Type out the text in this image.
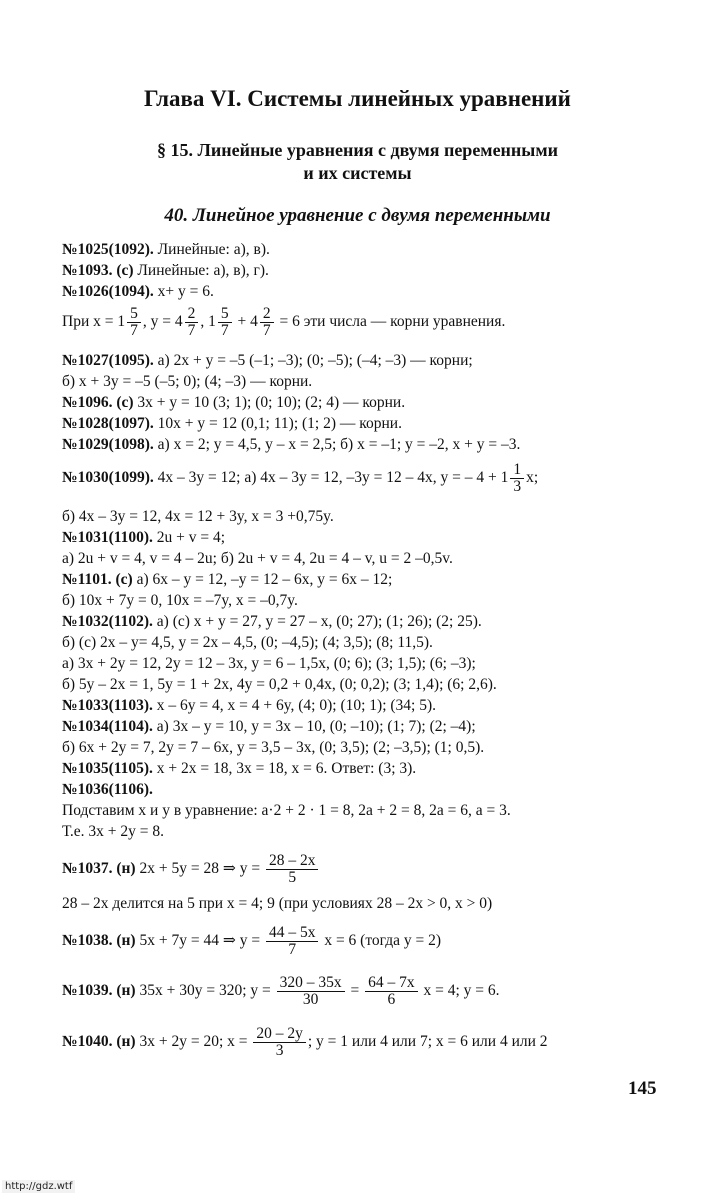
Глава VI. Системы линейных уравнений
§ 15. Линейные уравнения с двумя переменными
и их системы
40. Линейное уравнение с двумя переменными
№1025(1092). Линейные: а), в).
№1093. (с) Линейные: а), в), г).
№1026(1094). x+ y = 6.
При $x = 1 \frac{5}{7}$ , $y = 4 \frac{2}{7}$ , $1 \frac{5}{7} + 4 \frac{2}{7} = 6$ эти числа — корни уравнения.
№1027(1095). а) 2x + y = –5 (–1; –3); (0; –5); (–4; –3) — корни;
б) x + 3y = –5 (–5; 0); (4; –3) — корни.
№1096. (с) 3x + y = 10 (3; 1); (0; 10); (2; 4) — корни.
№1028(1097). 10x + y = 12 (0,1; 11); (1; 2) — корни.
№1029(1098). а) x = 2; y = 4,5, y – x = 2,5; б) x = –1; y = –2, x + y = –3.
№1030(1099). 4x – 3y = 12; а) 4x – 3y = 12, –3y = 12 – 4x, y = – $4 + 1 \frac{1}{3} x$;
б) 4x – 3y = 12, 4x = 12 + 3y, x = 3 +0,75y.
№1031(1100). 2u + v = 4;
а) 2u + v = 4, v = 4 – 2u; б) 2u + v = 4, 2u = 4 – v, u = 2 –0,5v.
№1101. (с) а) 6x – y = 12, –y = 12 – 6x, y = 6x – 12;
б) 10x + 7y = 0, 10x = –7y, x = –0,7y.
№1032(1102). а) (с) x + y = 27, y = 27 – x, (0; 27); (1; 26); (2; 25).
б) (с) 2x – y= 4,5, y = 2x – 4,5, (0; –4,5); (4; 3,5); (8; 11,5).
а) 3x + 2y = 12, 2y = 12 – 3x, y = 6 – 1,5x, (0; 6); (3; 1,5); (6; –3);
б) 5y – 2x = 1, 5y = 1 + 2x, 4y = 0,2 + 0,4x, (0; 0,2); (3; 1,4); (6; 2,6).
№1033(1103). x – 6y = 4, x = 4 + 6y, (4; 0); (10; 1); (34; 5).
№1034(1104). а) 3x – y = 10, y = 3x – 10, (0; –10); (1; 7); (2; –4);
б) 6x + 2y = 7, 2y = 7 – 6x, y = 3,5 – 3x, (0; 3,5); (2; –3,5); (1; 0,5).
№1035(1105). x + 2x = 18, 3x = 18, x = 6. Ответ: (3; 3).
№1036(1106).
Подставим x и y в уравнение: a·2 + 2 · 1 = 8, 2a + 2 = 8, 2a = 6, a = 3.
Т.е. 3x + 2y = 8.
№1037. (н) 2x + 5y = 28 ⇒ $y = \frac{28 - 2x}{5}$
28 – 2x делится на 5 при x = 4; 9 (при условиях 28 – 2x > 0, x > 0)
№1038. (н) 5x + 7y = 44 ⇒ $y = \frac{44 - 5x}{7}$ x = 6 (тогда y = 2)
№1039. (н) 35x + 30y = 320; $y = \frac{320 - 35x}{30} = \frac{64 - 7x}{6}$ x = 4; y = 6.
№1040. (н) 3x + 2y = 20; $x = \frac{20 - 2y}{3}$ ; y = 1 или 4 или 7; x = 6 или 4 или 2
145
http://gdz.wtf
